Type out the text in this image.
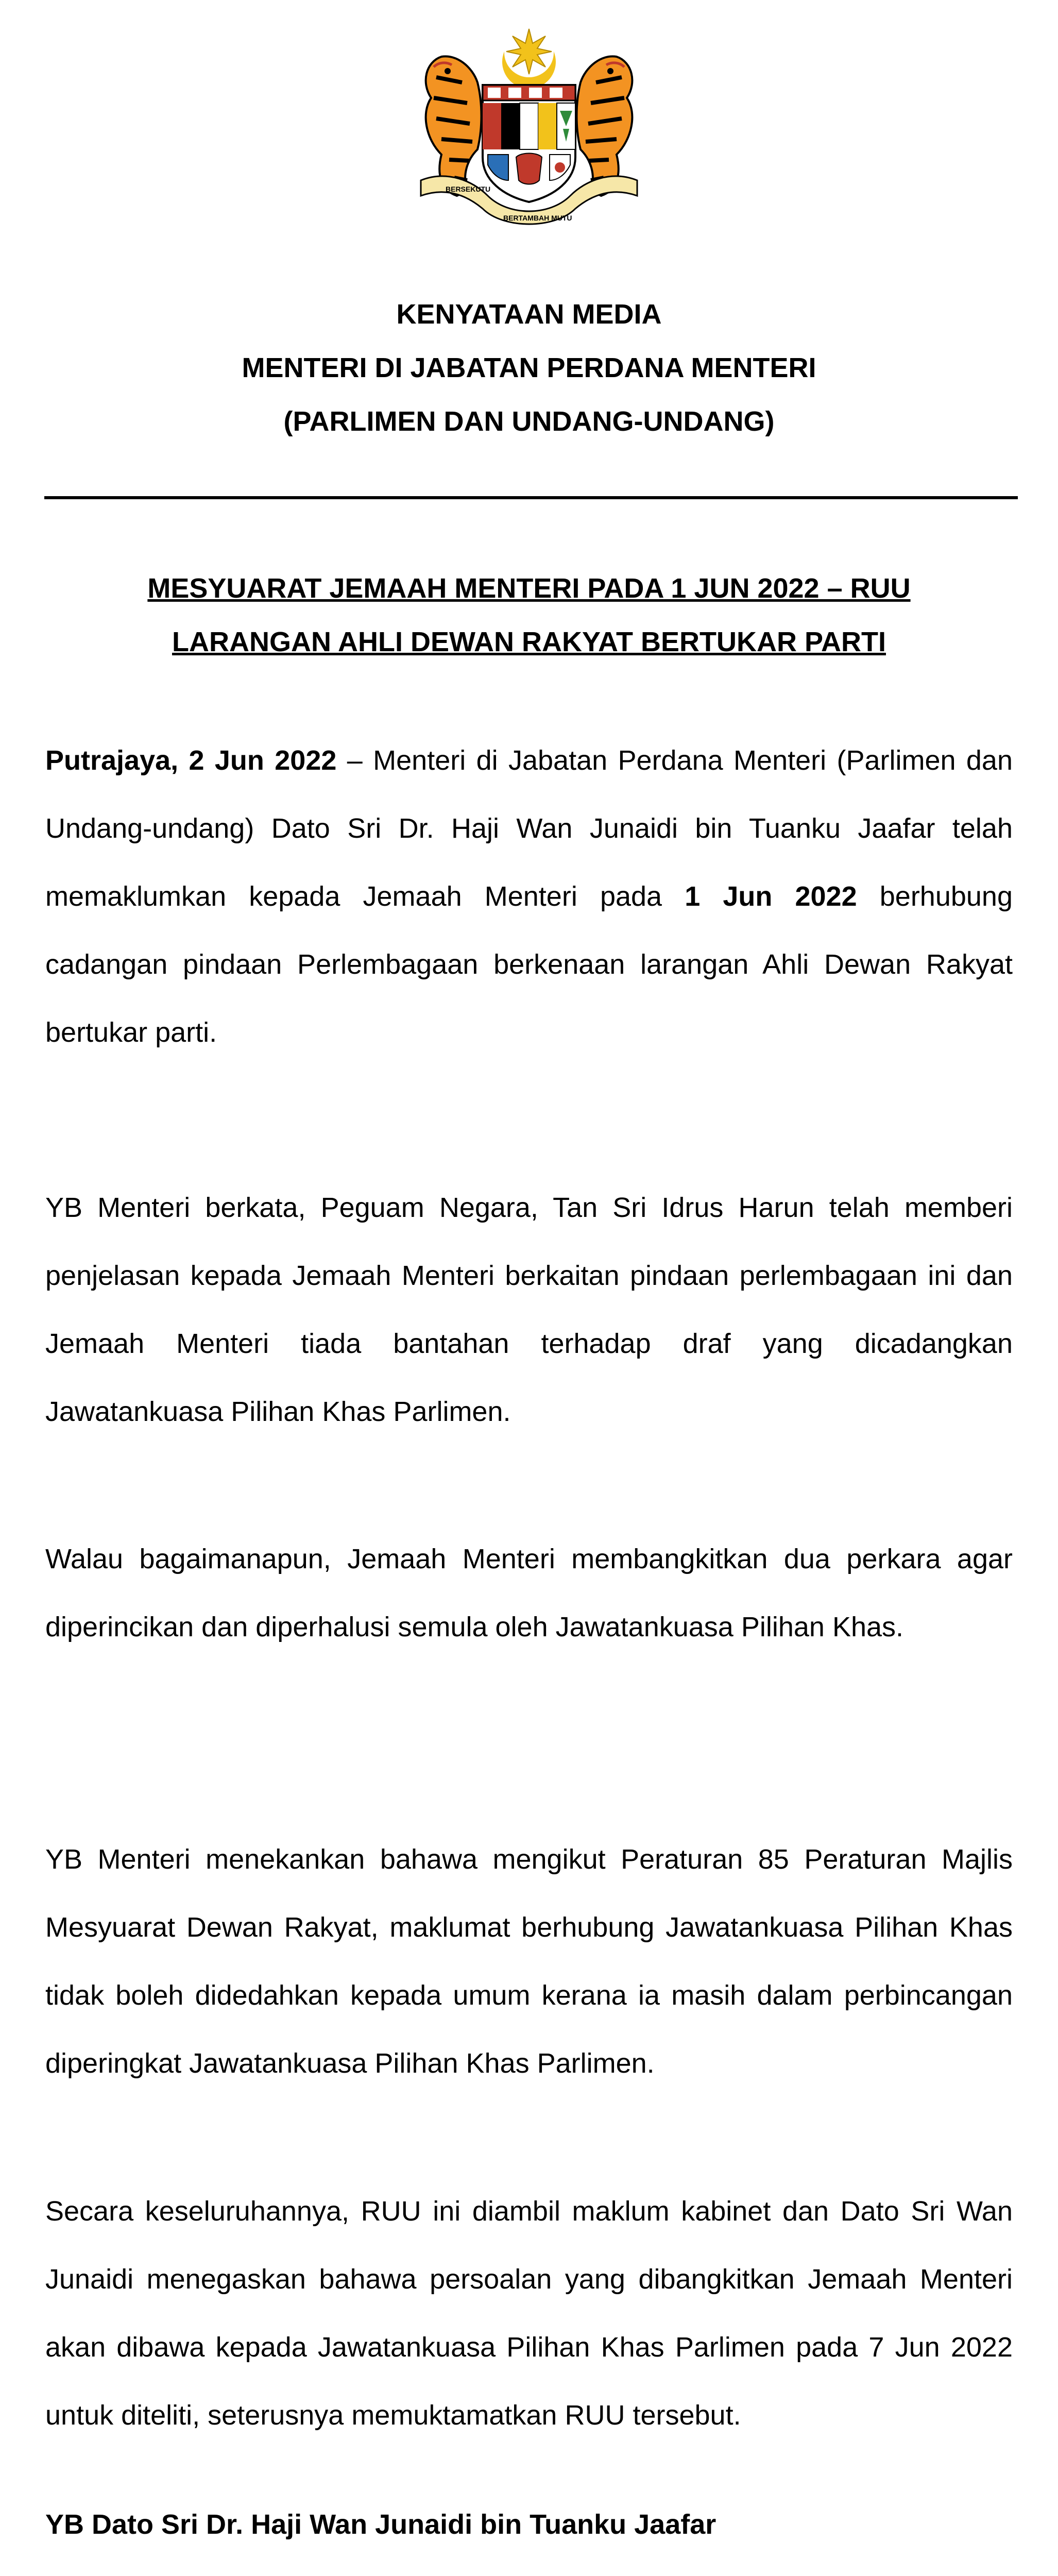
BERSEKUTU
BERTAMBAH MUTU
KENYATAAN MEDIA
MENTERI DI JABATAN PERDANA MENTERI
(PARLIMEN DAN UNDANG-UNDANG)
MESYUARAT JEMAAH MENTERI PADA 1 JUN 2022 – RUU LARANGAN AHLI DEWAN RAKYAT BERTUKAR PARTI
Putrajaya, 2 Jun 2022 – Menteri di Jabatan Perdana Menteri (Parlimen dan Undang-undang) Dato Sri Dr. Haji Wan Junaidi bin Tuanku Jaafar telah memaklumkan kepada Jemaah Menteri pada 1 Jun 2022 berhubung cadangan pindaan Perlembagaan berkenaan larangan Ahli Dewan Rakyat bertukar parti.
YB Menteri berkata, Peguam Negara, Tan Sri Idrus Harun telah memberi penjelasan kepada Jemaah Menteri berkaitan pindaan perlembagaan ini dan Jemaah Menteri tiada bantahan terhadap draf yang dicadangkan Jawatankuasa Pilihan Khas Parlimen.
Walau bagaimanapun, Jemaah Menteri membangkitkan dua perkara agar diperincikan dan diperhalusi semula oleh Jawatankuasa Pilihan Khas.
YB Menteri menekankan bahawa mengikut Peraturan 85 Peraturan Majlis Mesyuarat Dewan Rakyat, maklumat berhubung Jawatankuasa Pilihan Khas tidak boleh didedahkan kepada umum kerana ia masih dalam perbincangan diperingkat Jawatankuasa Pilihan Khas Parlimen.
Secara keseluruhannya, RUU ini diambil maklum kabinet dan Dato Sri Wan Junaidi menegaskan bahawa persoalan yang dibangkitkan Jemaah Menteri akan dibawa kepada Jawatankuasa Pilihan Khas Parlimen pada 7 Jun 2022 untuk diteliti, seterusnya memuktamatkan RUU tersebut.
YB Dato Sri Dr. Haji Wan Junaidi bin Tuanku Jaafar
